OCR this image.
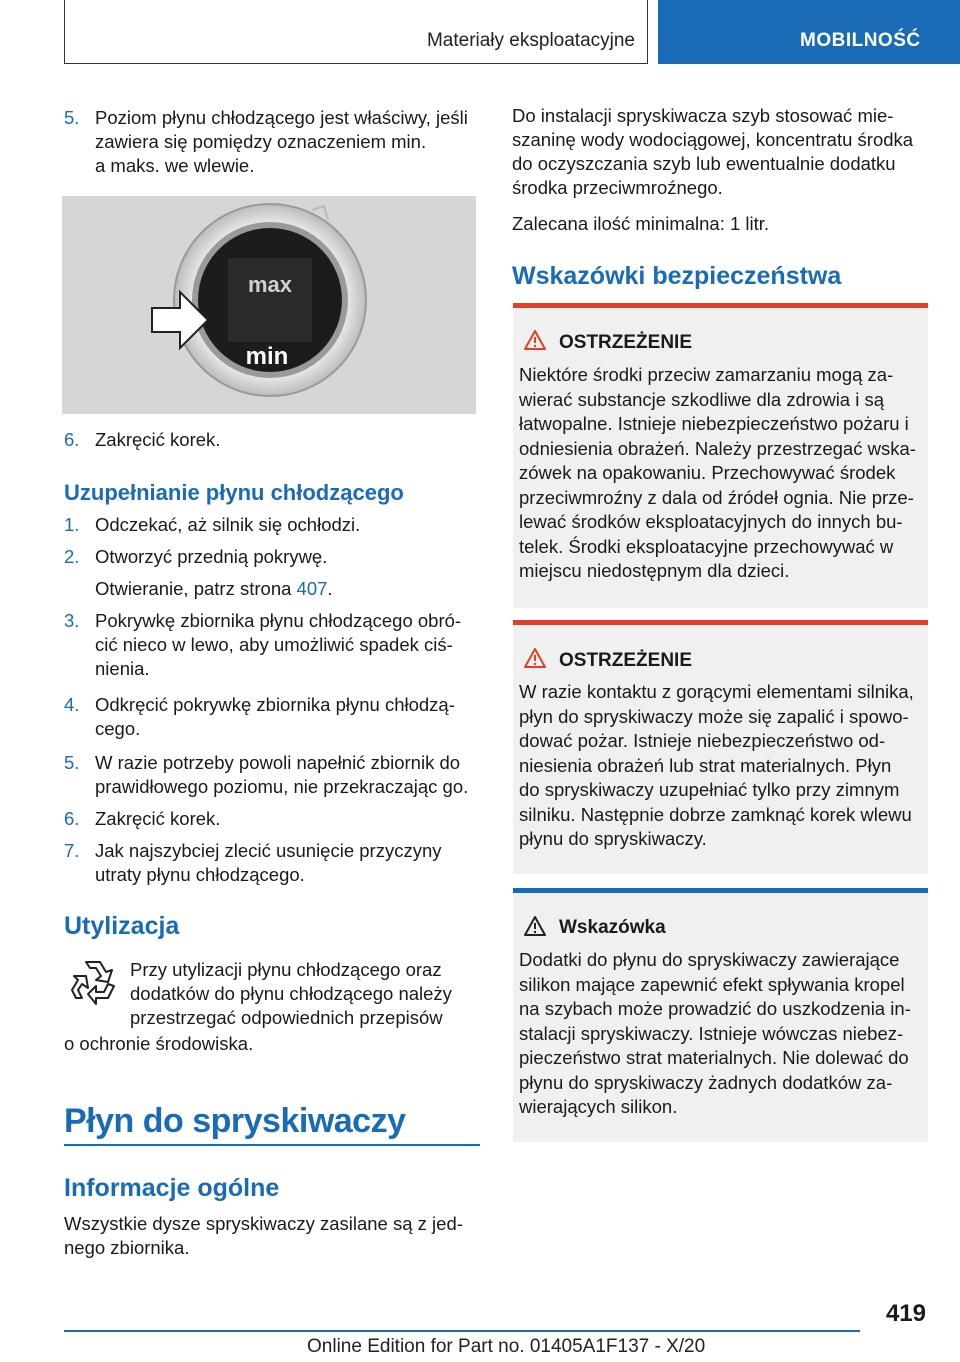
Materiały eksploatacyjne	MOBILNOŚĆ
5. Poziom płynu chłodzącego jest właściwy, jeśli
zawiera się pomiędzy oznaczeniem min.
a maks. we wlewie.
max
min
6. Zakręcić korek.
Uzupełnianie płynu chłodzącego
1. Odczekać, aż silnik się ochłodzi.
2. Otworzyć przednią pokrywę.
Otwieranie, patrz strona 407.
3. Pokrywkę zbiornika płynu chłodzącego obró-
cić nieco w lewo, aby umożliwić spadek ciś-
nienia.
4. Odkręcić pokrywkę zbiornika płynu chłodzą-
cego.
5. W razie potrzeby powoli napełnić zbiornik do
prawidłowego poziomu, nie przekraczając go.
6. Zakręcić korek.
7. Jak najszybciej zlecić usunięcie przyczyny
utraty płynu chłodzącego.
Utylizacja
Przy utylizacji płynu chłodzącego oraz
dodatków do płynu chłodzącego należy
przestrzegać odpowiednich przepisów
o ochronie środowiska.
Płyn do spryskiwaczy
Informacje ogólne
Wszystkie dysze spryskiwaczy zasilane są z jed-
nego zbiornika.
Do instalacji spryskiwacza szyb stosować mie-
szaninę wody wodociągowej, koncentratu środka
do oczyszczania szyb lub ewentualnie dodatku
środka przeciwmroźnego.
Zalecana ilość minimalna: 1 litr.
Wskazówki bezpieczeństwa
OSTRZEŻENIE
Niektóre środki przeciw zamarzaniu mogą za-
wierać substancje szkodliwe dla zdrowia i są
łatwopalne. Istnieje niebezpieczeństwo pożaru i
odniesienia obrażeń. Należy przestrzegać wska-
zówek na opakowaniu. Przechowywać środek
przeciwmroźny z dala od źródeł ognia. Nie prze-
lewać środków eksploatacyjnych do innych bu-
telek. Środki eksploatacyjne przechowywać w
miejscu niedostępnym dla dzieci.
OSTRZEŻENIE
W razie kontaktu z gorącymi elementami silnika,
płyn do spryskiwaczy może się zapalić i spowo-
dować pożar. Istnieje niebezpieczeństwo od-
niesienia obrażeń lub strat materialnych. Płyn
do spryskiwaczy uzupełniać tylko przy zimnym
silniku. Następnie dobrze zamknąć korek wlewu
płynu do spryskiwaczy.
Wskazówka
Dodatki do płynu do spryskiwaczy zawierające
silikon mające zapewnić efekt spływania kropel
na szybach może prowadzić do uszkodzenia in-
stalacji spryskiwaczy. Istnieje wówczas niebez-
pieczeństwo strat materialnych. Nie dolewać do
płynu do spryskiwaczy żadnych dodatków za-
wierających silikon.
419
Online Edition for Part no. 01405A1F137 - X/20
